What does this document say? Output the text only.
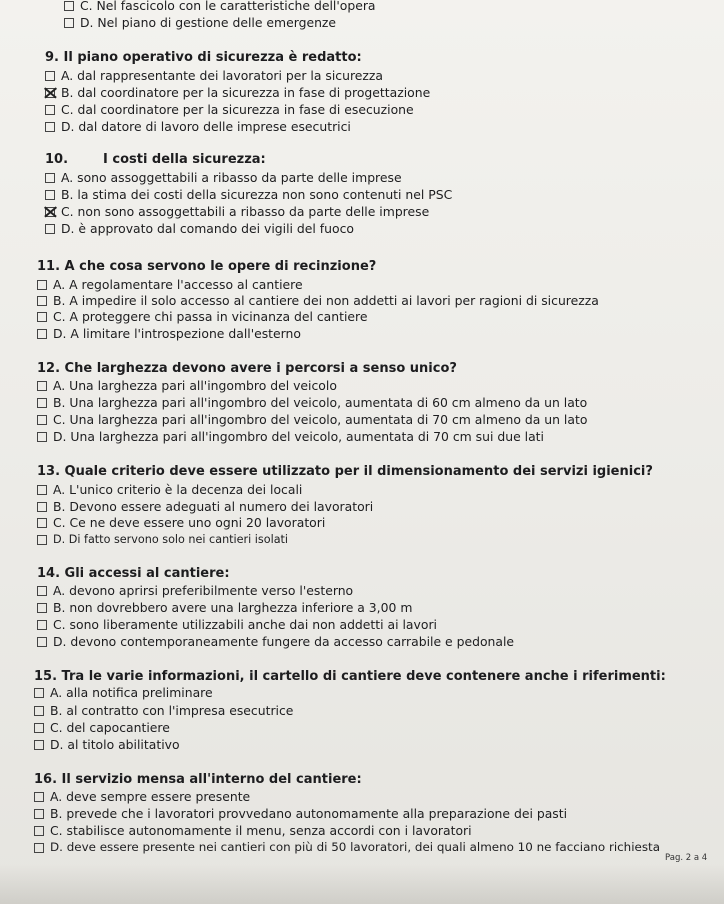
C. Nel fascicolo con le caratteristiche dell'opera
D. Nel piano di gestione delle emergenze
9. Il piano operativo di sicurezza è redatto:
A. dal rappresentante dei lavoratori per la sicurezza
B. dal coordinatore per la sicurezza in fase di progettazione
C. dal coordinatore per la sicurezza in fase di esecuzione
D. dal datore di lavoro delle imprese esecutrici
10.	I costi della sicurezza:
A. sono assoggettabili a ribasso da parte delle imprese
B. la stima dei costi della sicurezza non sono contenuti nel PSC
C. non sono assoggettabili a ribasso da parte delle imprese
D. è approvato dal comando dei vigili del fuoco
11. A che cosa servono le opere di recinzione?
A. A regolamentare l'accesso al cantiere
B. A impedire il solo accesso al cantiere dei non addetti ai lavori per ragioni di sicurezza
C. A proteggere chi passa in vicinanza del cantiere
D. A limitare l'introspezione dall'esterno
12. Che larghezza devono avere i percorsi a senso unico?
A. Una larghezza pari all'ingombro del veicolo
B. Una larghezza pari all'ingombro del veicolo, aumentata di 60 cm almeno da un lato
C. Una larghezza pari all'ingombro del veicolo, aumentata di 70 cm almeno da un lato
D. Una larghezza pari all'ingombro del veicolo, aumentata di 70 cm sui due lati
13. Quale criterio deve essere utilizzato per il dimensionamento dei servizi igienici?
A. L'unico criterio è la decenza dei locali
B. Devono essere adeguati al numero dei lavoratori
C. Ce ne deve essere uno ogni 20 lavoratori
D. Di fatto servono solo nei cantieri isolati
14. Gli accessi al cantiere:
A. devono aprirsi preferibilmente verso l'esterno
B. non dovrebbero avere una larghezza inferiore a 3,00 m
C. sono liberamente utilizzabili anche dai non addetti ai lavori
D. devono contemporaneamente fungere da accesso carrabile e pedonale
15. Tra le varie informazioni, il cartello di cantiere deve contenere anche i riferimenti:
A. alla notifica preliminare
B. al contratto con l'impresa esecutrice
C. del capocantiere
D. al titolo abilitativo
16. Il servizio mensa all'interno del cantiere:
A. deve sempre essere presente
B. prevede che i lavoratori provvedano autonomamente alla preparazione dei pasti
C. stabilisce autonomamente il menu, senza accordi con i lavoratori
D. deve essere presente nei cantieri con più di 50 lavoratori, dei quali almeno 10 ne facciano richiesta
Pag. 2 a 4
